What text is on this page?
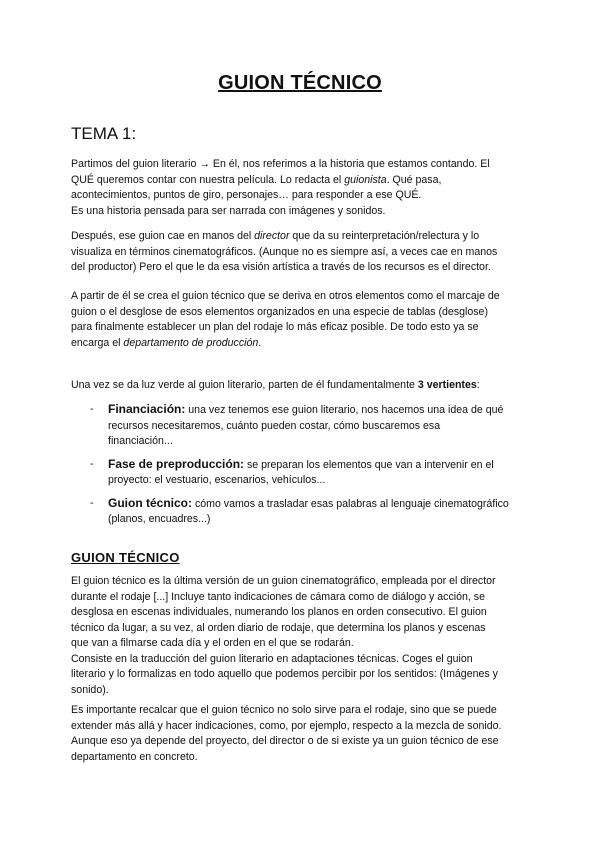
GUION TÉCNICO
TEMA 1:

Partimos del guion literario → En él, nos referimos a la historia que estamos contando. El
QUÉ queremos contar con nuestra película. Lo redacta el guionista. Qué pasa,
acontecimientos, puntos de giro, personajes… para responder a ese QUÉ.
Es una historia pensada para ser narrada con imágenes y sonidos.

Después, ese guion cae en manos del director que da su reinterpretación/relectura y lo
visualiza en términos cinematográficos. (Aunque no es siempre así, a veces cae en manos
del productor) Pero el que le da esa visión artística a través de los recursos es el director.

A partir de él se crea el guion técnico que se deriva en otros elementos como el marcaje de
guion o el desglose de esos elementos organizados en una especie de tablas (desglose)
para finalmente establecer un plan del rodaje lo más eficaz posible. De todo esto ya se
encarga el departamento de producción.

Una vez se da luz verde al guion literario, parten de él fundamentalmente 3 vertientes:

- Financiación: una vez tenemos ese guion literario, nos hacemos una idea de qué
recursos necesitaremos, cuánto pueden costar, cómo buscaremos esa
financiación...
- Fase de preproducción: se preparan los elementos que van a intervenir en el
proyecto: el vestuario, escenarios, vehículos...
- Guion técnico: cómo vamos a trasladar esas palabras al lenguaje cinematográfico
(planos, encuadres...)
GUION TÉCNICO

El guion técnico es la última versión de un guion cinematográfico, empleada por el director
durante el rodaje [...] Incluye tanto indicaciones de cámara como de diálogo y acción, se
desglosa en escenas individuales, numerando los planos en orden consecutivo. El guion
técnico da lugar, a su vez, al orden diario de rodaje, que determina los planos y escenas
que van a filmarse cada día y el orden en el que se rodarán.
Consiste en la traducción del guion literario en adaptaciones técnicas. Coges el guion
literario y lo formalizas en todo aquello que podemos percibir por los sentidos: (Imágenes y
sonido).

Es importante recalcar que el guion técnico no solo sirve para el rodaje, sino que se puede
extender más allá y hacer indicaciones, como, por ejemplo, respecto a la mezcla de sonido.
Aunque eso ya depende del proyecto, del director o de si existe ya un guion técnico de ese
departamento en concreto.
